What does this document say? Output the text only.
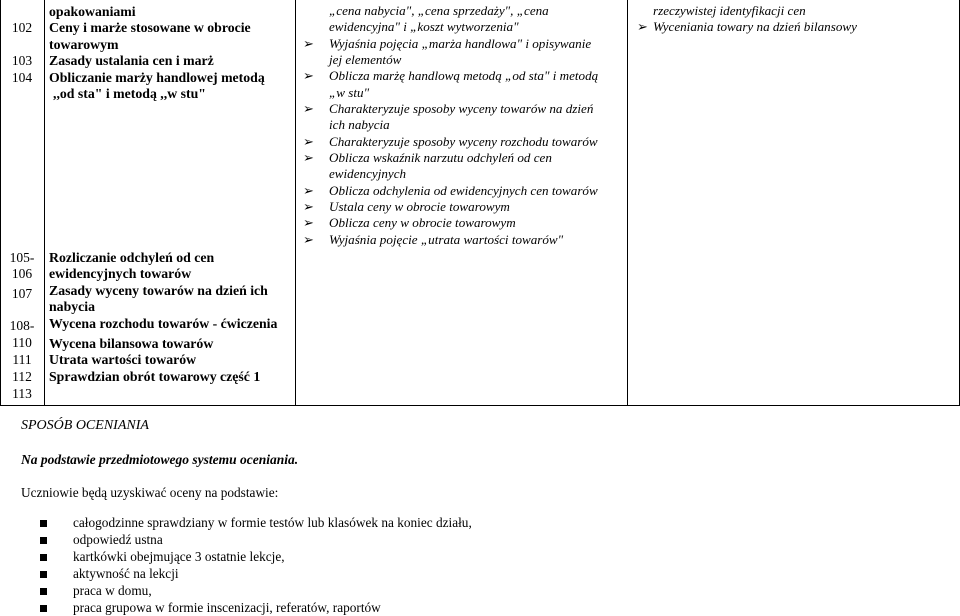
102
103
104
105-
106
107
108-
110
111
112
113
opakowaniami
Ceny i marże stosowane w obrocie
towarowym
Zasady ustalania cen i marż
Obliczanie marży handlowej metodą
,,od sta" i metodą ,,w stu"
Rozliczanie odchyleń od cen
ewidencyjnych towarów
Zasady wyceny towarów na dzień ich
nabycia
Wycena rozchodu towarów - ćwiczenia
Wycena bilansowa towarów
Utrata wartości towarów
Sprawdzian obrót towarowy część 1
„cena nabycia", „cena sprzedaży", „cena
ewidencyjna" i „koszt wytworzenia"
➢ Wyjaśnia pojęcia „marża handlowa" i opisywanie
jej elementów
➢ Oblicza marżę handlową metodą „od sta" i metodą
„w stu"
➢ Charakteryzuje sposoby wyceny towarów na dzień
ich nabycia
➢ Charakteryzuje sposoby wyceny rozchodu towarów
➢ Oblicza wskaźnik narzutu odchyleń od cen
ewidencyjnych
➢ Oblicza odchylenia od ewidencyjnych cen towarów
➢ Ustala ceny w obrocie towarowym
➢ Oblicza ceny w obrocie towarowym
➢ Wyjaśnia pojęcie „utrata wartości towarów"
rzeczywistej identyfikacji cen
➢ Wyceniania towary na dzień bilansowy
SPOSÓB OCENIANIA
Na podstawie przedmiotowego systemu oceniania.
Uczniowie będą uzyskiwać oceny na podstawie:
całogodzinne sprawdziany w formie testów lub klasówek na koniec działu,
odpowiedź ustna
kartkówki obejmujące 3 ostatnie lekcje,
aktywność na lekcji
praca w domu,
praca grupowa w formie inscenizacji, referatów, raportów
